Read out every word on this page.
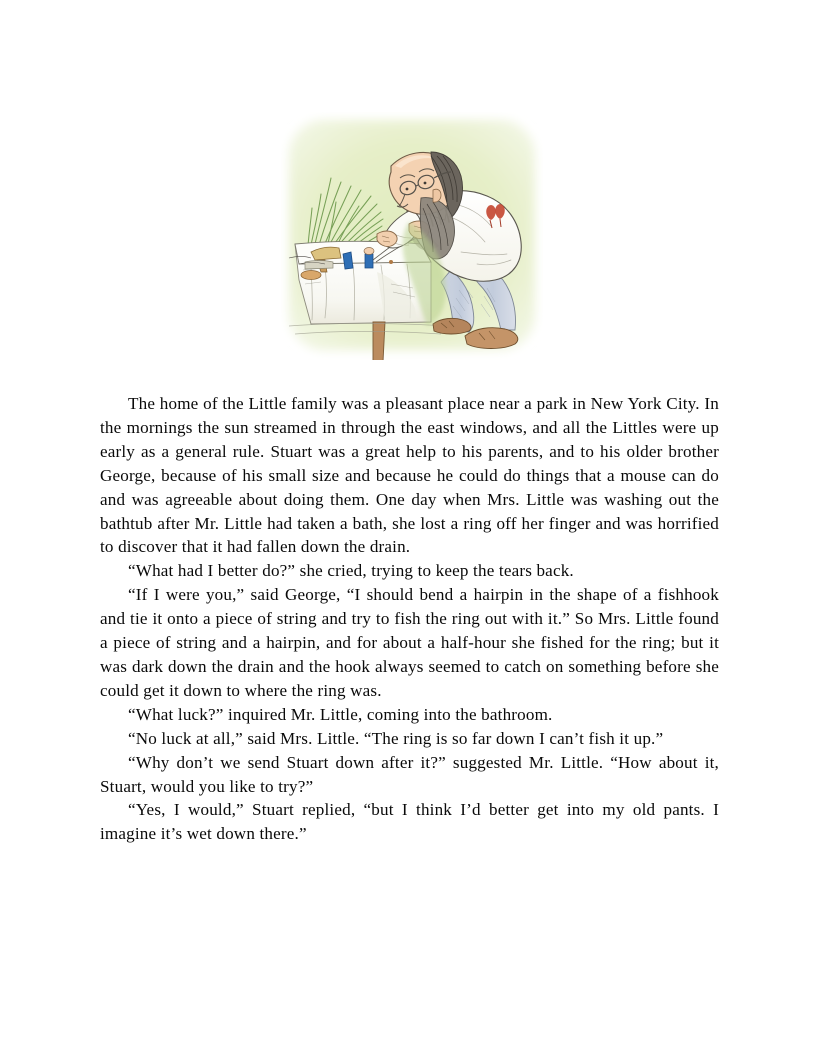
The home of the Little family was a pleasant place near a park in New York City. In the mornings the sun streamed in through the east windows, and all the Littles were up early as a general rule. Stuart was a great help to his parents, and to his older brother George, because of his small size and because he could do things that a mouse can do and was agreeable about doing them. One day when Mrs. Little was washing out the bathtub after Mr. Little had taken a bath, she lost a ring off her finger and was horrified to discover that it had fallen down the drain.

“What had I better do?” she cried, trying to keep the tears back.

“If I were you,” said George, “I should bend a hairpin in the shape of a fishhook and tie it onto a piece of string and try to fish the ring out with it.” So Mrs. Little found a piece of string and a hairpin, and for about a half-hour she fished for the ring; but it was dark down the drain and the hook always seemed to catch on something before she could get it down to where the ring was.

“What luck?” inquired Mr. Little, coming into the bathroom.

“No luck at all,” said Mrs. Little. “The ring is so far down I can’t fish it up.”

“Why don’t we send Stuart down after it?” suggested Mr. Little. “How about it, Stuart, would you like to try?”

“Yes, I would,” Stuart replied, “but I think I’d better get into my old pants. I imagine it’s wet down there.”
